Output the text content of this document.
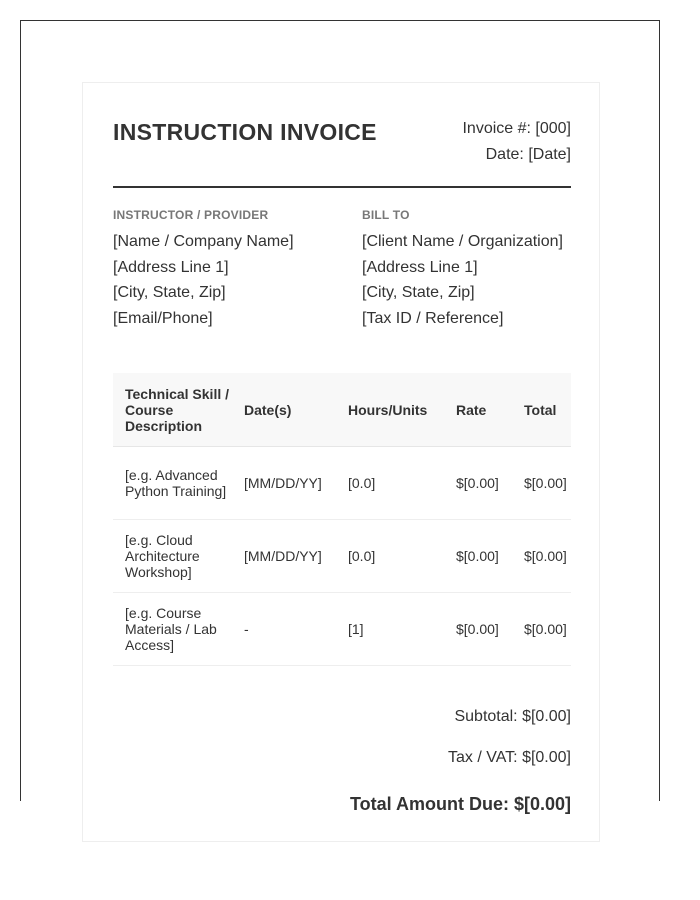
INSTRUCTION INVOICE	Invoice #: [000]
Date: [Date]
INSTRUCTOR / PROVIDER
[Name / Company Name]
[Address Line 1]
[City, State, Zip]
[Email/Phone]
BILL TO
[Client Name / Organization]
[Address Line 1]
[City, State, Zip]
[Tax ID / Reference]
Technical Skill / Course Description	Date(s)	Hours/Units	Rate	Total
[e.g. Advanced Python Training]	[MM/DD/YY]	[0.0]	$[0.00]	$[0.00]
[e.g. Cloud Architecture Workshop]	[MM/DD/YY]	[0.0]	$[0.00]	$[0.00]
[e.g. Course Materials / Lab Access]	-	[1]	$[0.00]	$[0.00]
Subtotal: $[0.00]
Tax / VAT: $[0.00]
Total Amount Due: $[0.00]
